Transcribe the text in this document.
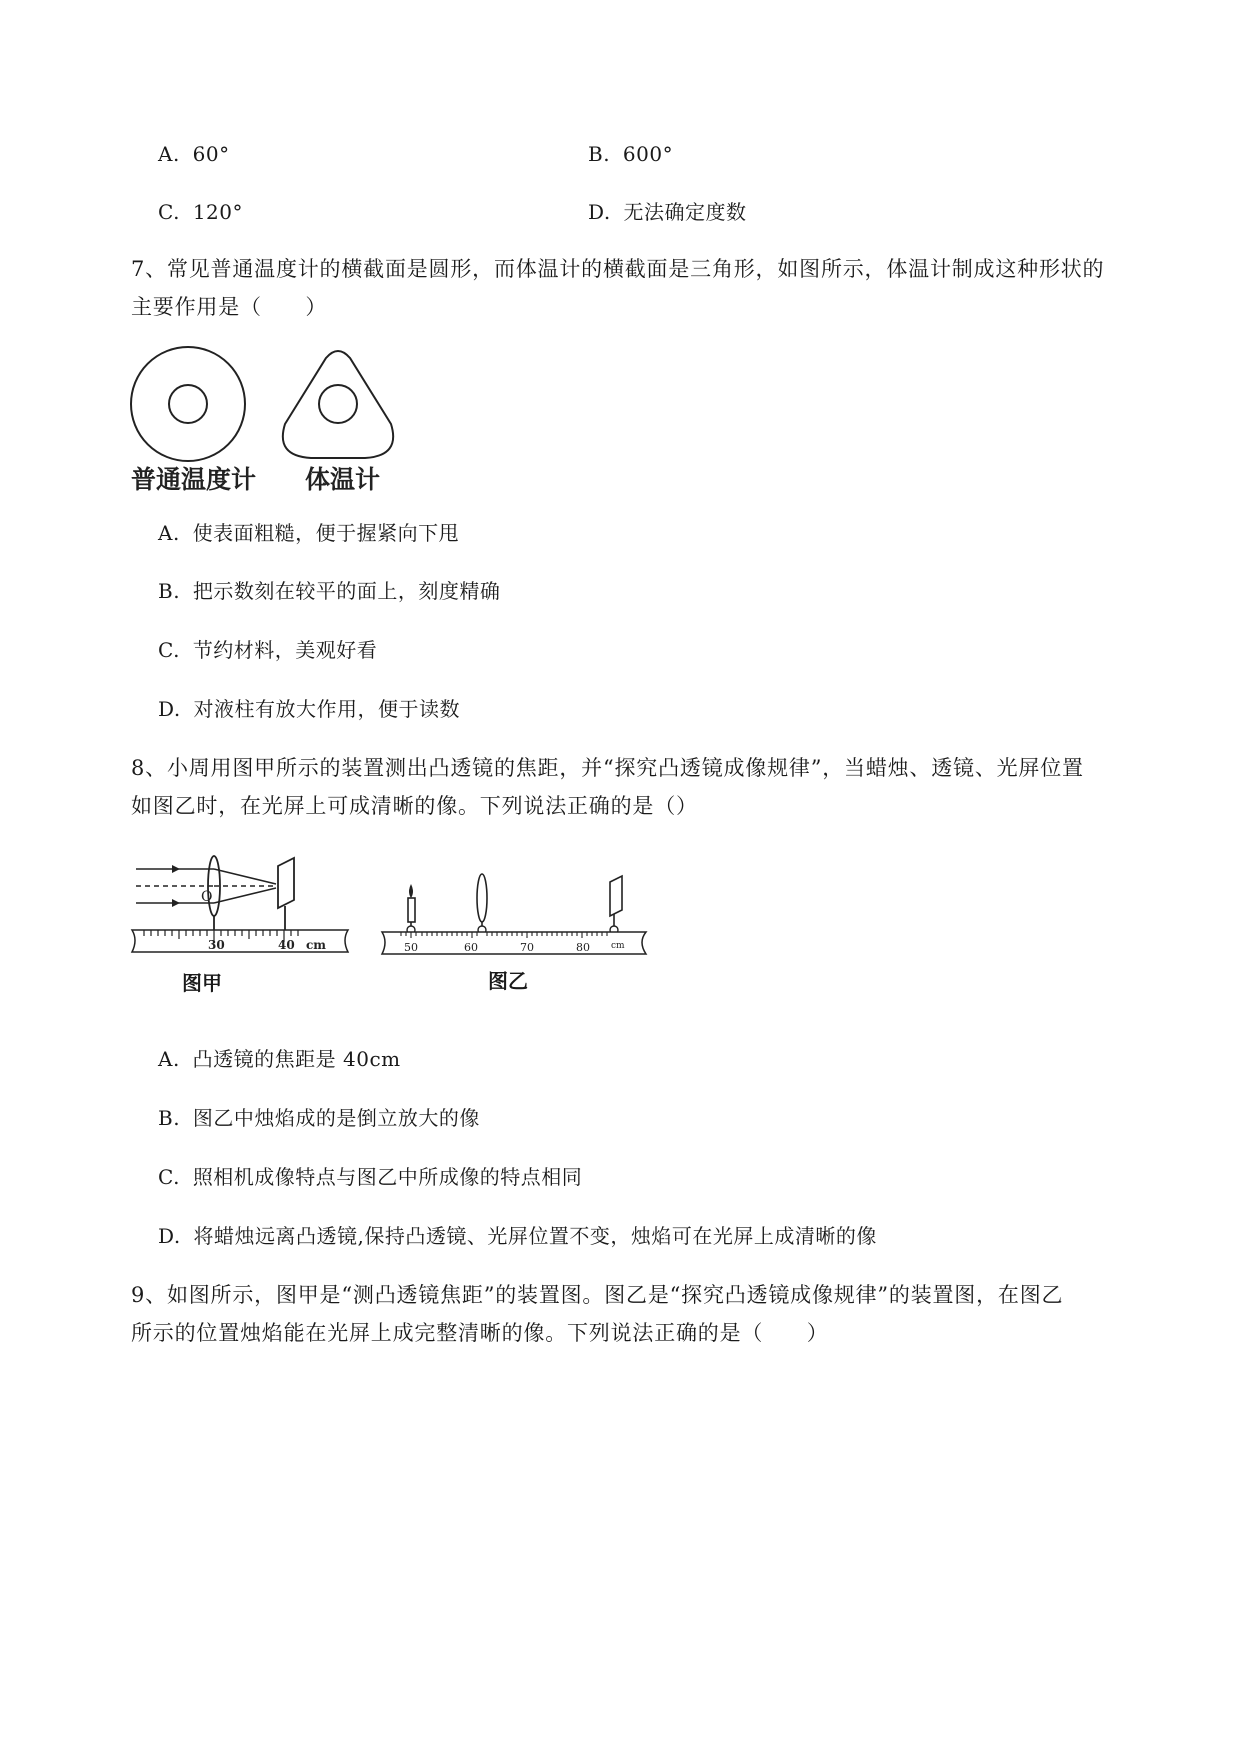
A. 60°	B. 600°
C. 120°	D. 无法确定度数
7、常见普通温度计的横截面是圆形，而体温计的横截面是三角形，如图所示，体温计制成这种形状的
主要作用是（　　）
普通温度计 体温计
A. 使表面粗糙，便于握紧向下甩
B. 把示数刻在较平的面上，刻度精确
C. 节约材料，美观好看
D. 对液柱有放大作用，便于读数
8、小周用图甲所示的装置测出凸透镜的焦距，并“探究凸透镜成像规律”，当蜡烛、透镜、光屏位置
如图乙时，在光屏上可成清晰的像。下列说法正确的是（）
O
30	40 cm
图甲
50	60	70	80 cm
图乙
A. 凸透镜的焦距是 40cm
B. 图乙中烛焰成的是倒立放大的像
C. 照相机成像特点与图乙中所成像的特点相同
D. 将蜡烛远离凸透镜,保持凸透镜、光屏位置不变，烛焰可在光屏上成清晰的像
9、如图所示，图甲是“测凸透镜焦距”的装置图。图乙是“探究凸透镜成像规律”的装置图，在图乙
所示的位置烛焰能在光屏上成完整清晰的像。下列说法正确的是（　　）
